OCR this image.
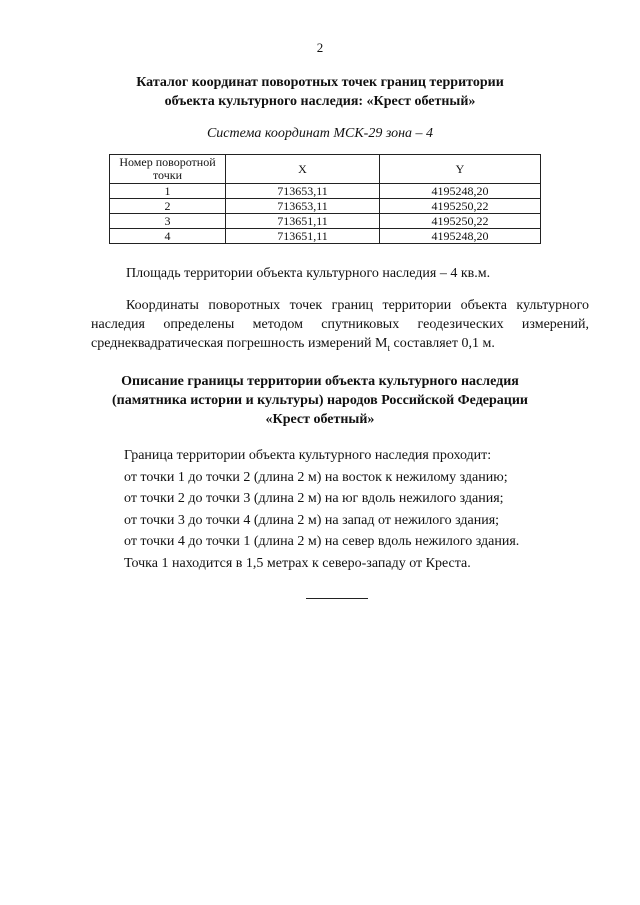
2
Каталог координат поворотных точек границ территории
объекта культурного наследия: «Крест обетный»
Система координат МСК-29 зона – 4
Номер поворотной точки	X	Y
1	713653,11	4195248,20
2	713653,11	4195250,22
3	713651,11	4195250,22
4	713651,11	4195248,20
Площадь территории объекта культурного наследия – 4 кв.м.
Координаты поворотных точек границ территории объекта культурного наследия определены методом спутниковых геодезических измерений, среднеквадратическая погрешность измерений $M_t$ составляет 0,1 м.
Описание границы территории объекта культурного наследия
(памятника истории и культуры) народов Российской Федерации
«Крест обетный»
Граница территории объекта культурного наследия проходит:
от точки 1 до точки 2 (длина 2 м) на восток к нежилому зданию;
от точки 2 до точки 3 (длина 2 м) на юг вдоль нежилого здания;
от точки 3 до точки 4 (длина 2 м) на запад от нежилого здания;
от точки 4 до точки 1 (длина 2 м) на север вдоль нежилого здания.
Точка 1 находится в 1,5 метрах к северо-западу от Креста.
